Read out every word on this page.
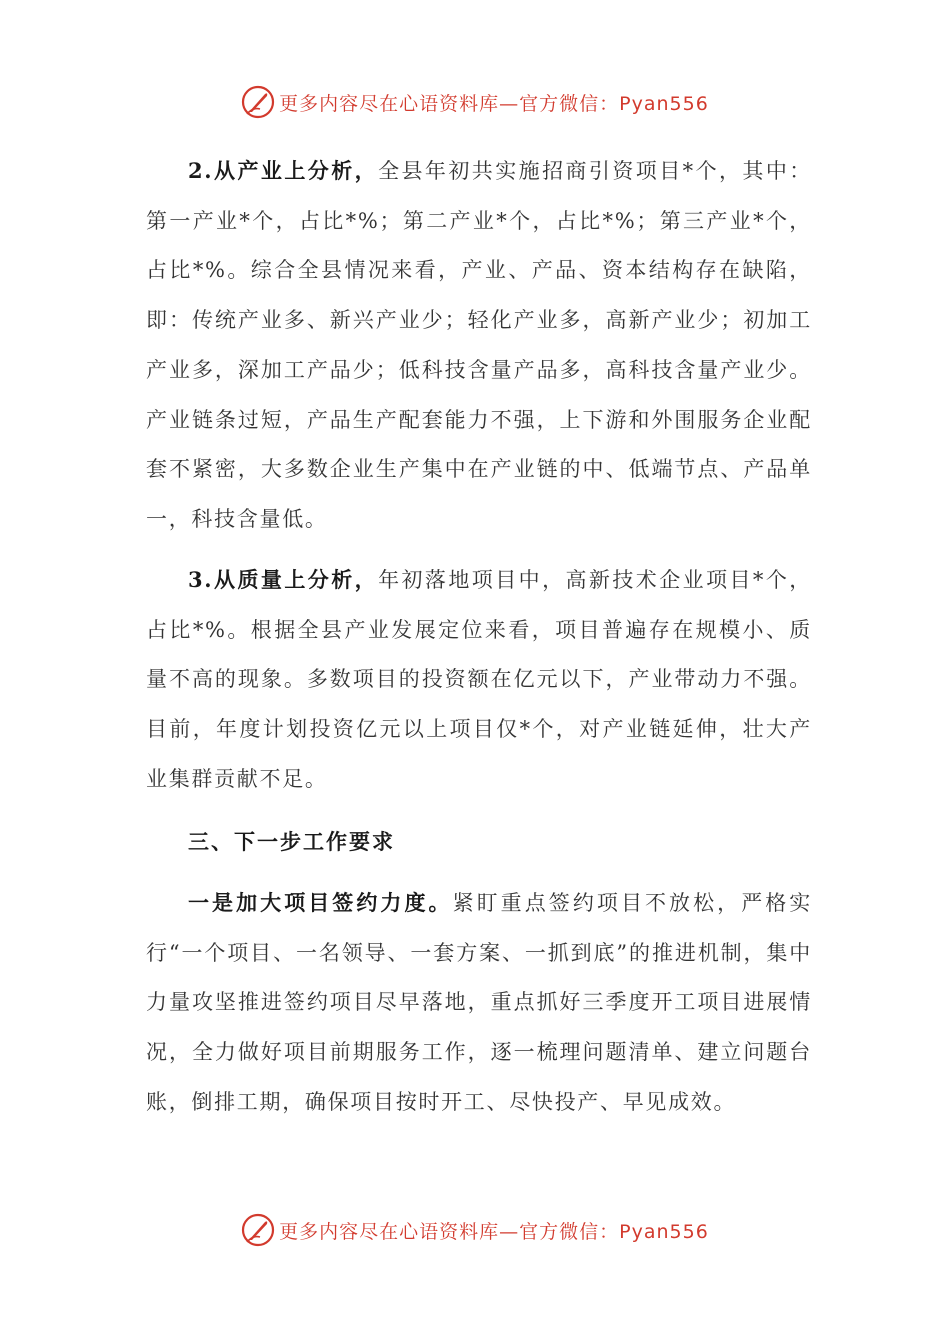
更多内容尽在心语资料库—官方微信：Pyan556

2.从产业上分析，全县年初共实施招商引资项目*个，其中：第一产业*个，占比*%；第二产业*个，占比*%；第三产业*个，占比*%。综合全县情况来看，产业、产品、资本结构存在缺陷，即：传统产业多、新兴产业少；轻化产业多，高新产业少；初加工产业多，深加工产品少；低科技含量产品多，高科技含量产业少。产业链条过短，产品生产配套能力不强，上下游和外围服务企业配套不紧密，大多数企业生产集中在产业链的中、低端节点、产品单一，科技含量低。

3.从质量上分析，年初落地项目中，高新技术企业项目*个，占比*%。根据全县产业发展定位来看，项目普遍存在规模小、质量不高的现象。多数项目的投资额在亿元以下，产业带动力不强。目前，年度计划投资亿元以上项目仅*个，对产业链延伸，壮大产业集群贡献不足。

三、下一步工作要求

一是加大项目签约力度。紧盯重点签约项目不放松，严格实行“一个项目、一名领导、一套方案、一抓到底”的推进机制，集中力量攻坚推进签约项目尽早落地，重点抓好三季度开工项目进展情况，全力做好项目前期服务工作，逐一梳理问题清单、建立问题台账，倒排工期，确保项目按时开工、尽快投产、早见成效。

更多内容尽在心语资料库—官方微信：Pyan556
